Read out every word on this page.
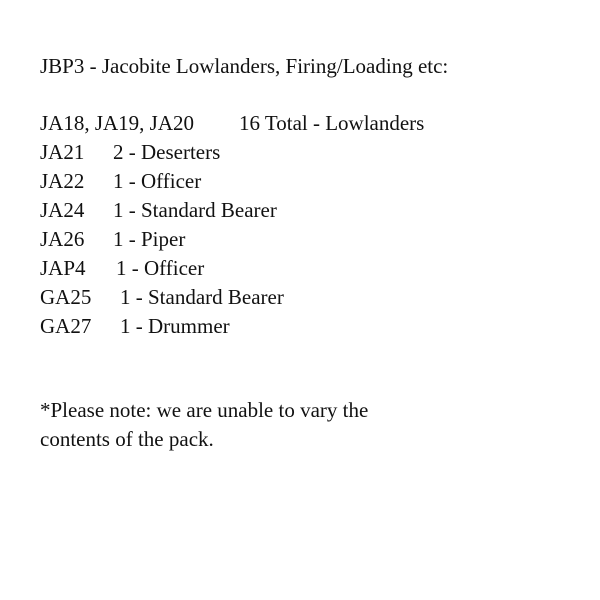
JBP3 - Jacobite Lowlanders, Firing/Loading etc:
JA18, JA19, JA20	16 Total - Lowlanders
JA21	2 - Deserters
JA22	1 - Officer
JA24	1 - Standard Bearer
JA26	1 - Piper
JAP4	1 - Officer
GA25	1 - Standard Bearer
GA27	1 - Drummer
*Please note: we are unable to vary the
contents of the pack.
